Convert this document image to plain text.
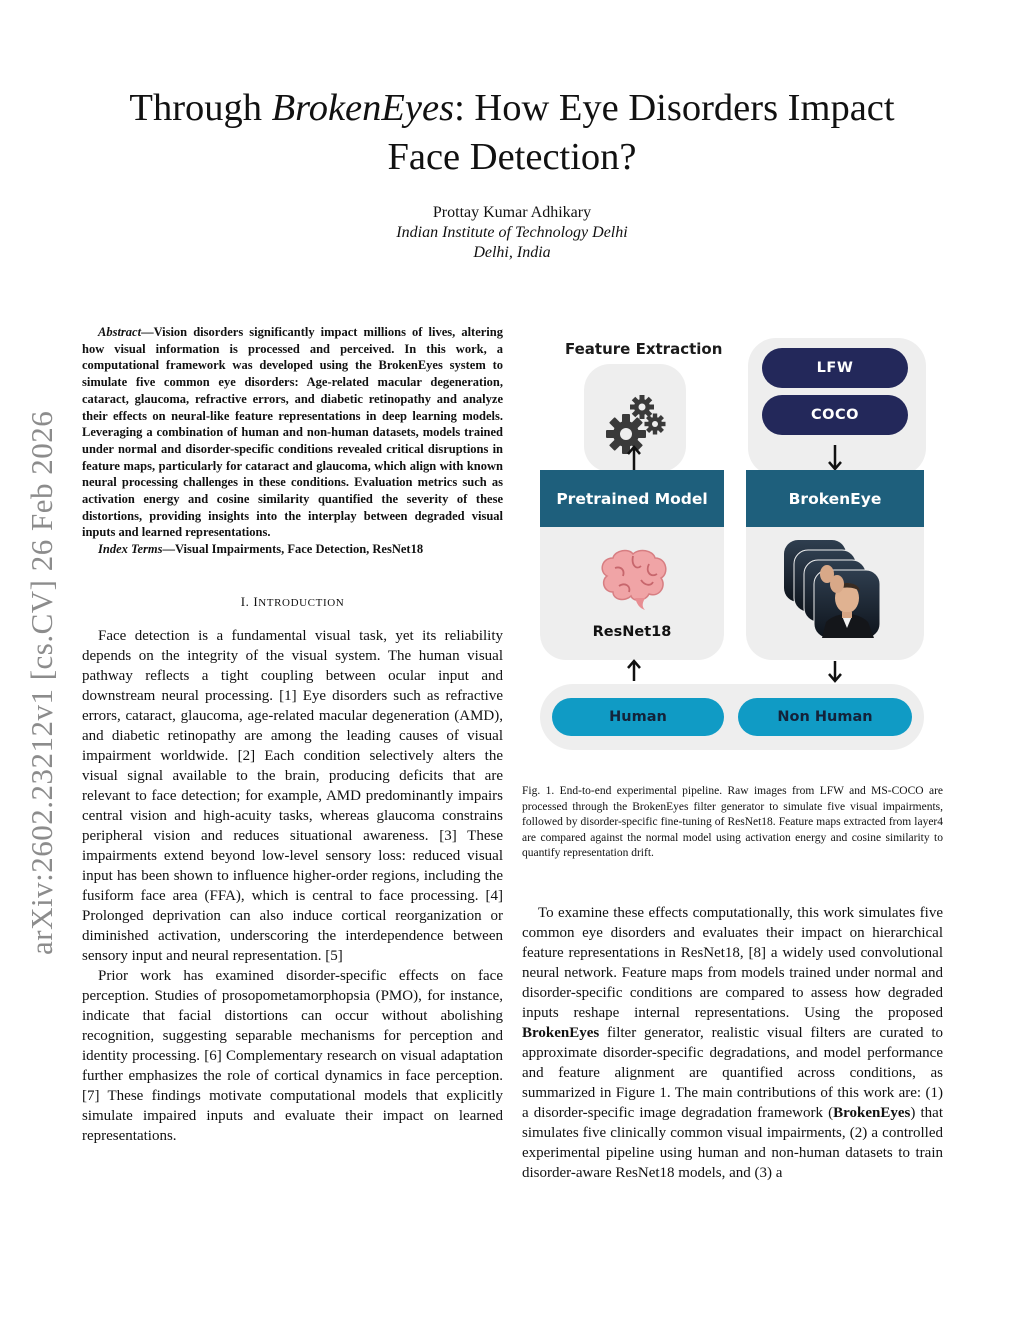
arXiv:2602.23212v1 [cs.CV] 26 Feb 2026
Through BrokenEyes: How Eye Disorders Impact
Face Detection?
Prottay Kumar Adhikary
Indian Institute of Technology Delhi
Delhi, India

Abstract—Vision disorders significantly impact millions of lives, altering how visual information is processed and perceived. In this work, a computational framework was developed using the BrokenEyes system to simulate five common eye disorders: Age-related macular degeneration, cataract, glaucoma, refractive errors, and diabetic retinopathy and analyze their effects on neural-like feature representations in deep learning models. Leveraging a combination of human and non-human datasets, models trained under normal and disorder-specific conditions revealed critical disruptions in feature maps, particularly for cataract and glaucoma, which align with known neural processing challenges in these conditions. Evaluation metrics such as activation energy and cosine similarity quantified the severity of these distortions, providing insights into the interplay between degraded visual inputs and learned representations.

Index Terms—Visual Impairments, Face Detection, ResNet18

I. INTRODUCTION

Face detection is a fundamental visual task, yet its reliability depends on the integrity of the visual system. The human visual pathway reflects a tight coupling between ocular input and downstream neural processing. [1] Eye disorders such as refractive errors, cataract, glaucoma, age-related macular degeneration (AMD), and diabetic retinopathy are among the leading causes of visual impairment worldwide. [2] Each condition selectively alters the visual signal available to the brain, producing deficits that are relevant to face detection; for example, AMD predominantly impairs central vision and high-acuity tasks, whereas glaucoma constrains peripheral vision and reduces situational awareness. [3] These impairments extend beyond low-level sensory loss: reduced visual input has been shown to influence higher-order regions, including the fusiform face area (FFA), which is central to face processing. [4] Prolonged deprivation can also induce cortical reorganization or diminished activation, underscoring the interdependence between sensory input and neural representation. [5]

Prior work has examined disorder-specific effects on face perception. Studies of prosopometamorphopsia (PMO), for instance, indicate that facial distortions can occur without abolishing recognition, suggesting separable mechanisms for perception and identity processing. [6] Complementary research on visual adaptation further emphasizes the role of cortical dynamics in face perception. [7] These findings motivate computational models that explicitly simulate impaired inputs and evaluate their impact on learned representations.

Feature Extraction
LFW
COCO
Pretrained Model
ResNet18
BrokenEye
Human	Non Human

Fig. 1. End-to-end experimental pipeline. Raw images from LFW and MS-COCO are processed through the BrokenEyes filter generator to simulate five visual impairments, followed by disorder-specific fine-tuning of ResNet18. Feature maps extracted from layer4 are compared against the normal model using activation energy and cosine similarity to quantify representation drift.

To examine these effects computationally, this work simulates five common eye disorders and evaluates their impact on hierarchical feature representations in ResNet18, [8] a widely used convolutional neural network. Feature maps from models trained under normal and disorder-specific conditions are compared to assess how degraded inputs reshape internal representations. Using the proposed BrokenEyes filter generator, realistic visual filters are curated to approximate disorder-specific degradations, and model performance and feature alignment are quantified across conditions, as summarized in Figure 1. The main contributions of this work are: (1) a disorder-specific image degradation framework (BrokenEyes) that simulates five clinically common visual impairments, (2) a controlled experimental pipeline using human and non-human datasets to train disorder-aware ResNet18 models, and (3) a
